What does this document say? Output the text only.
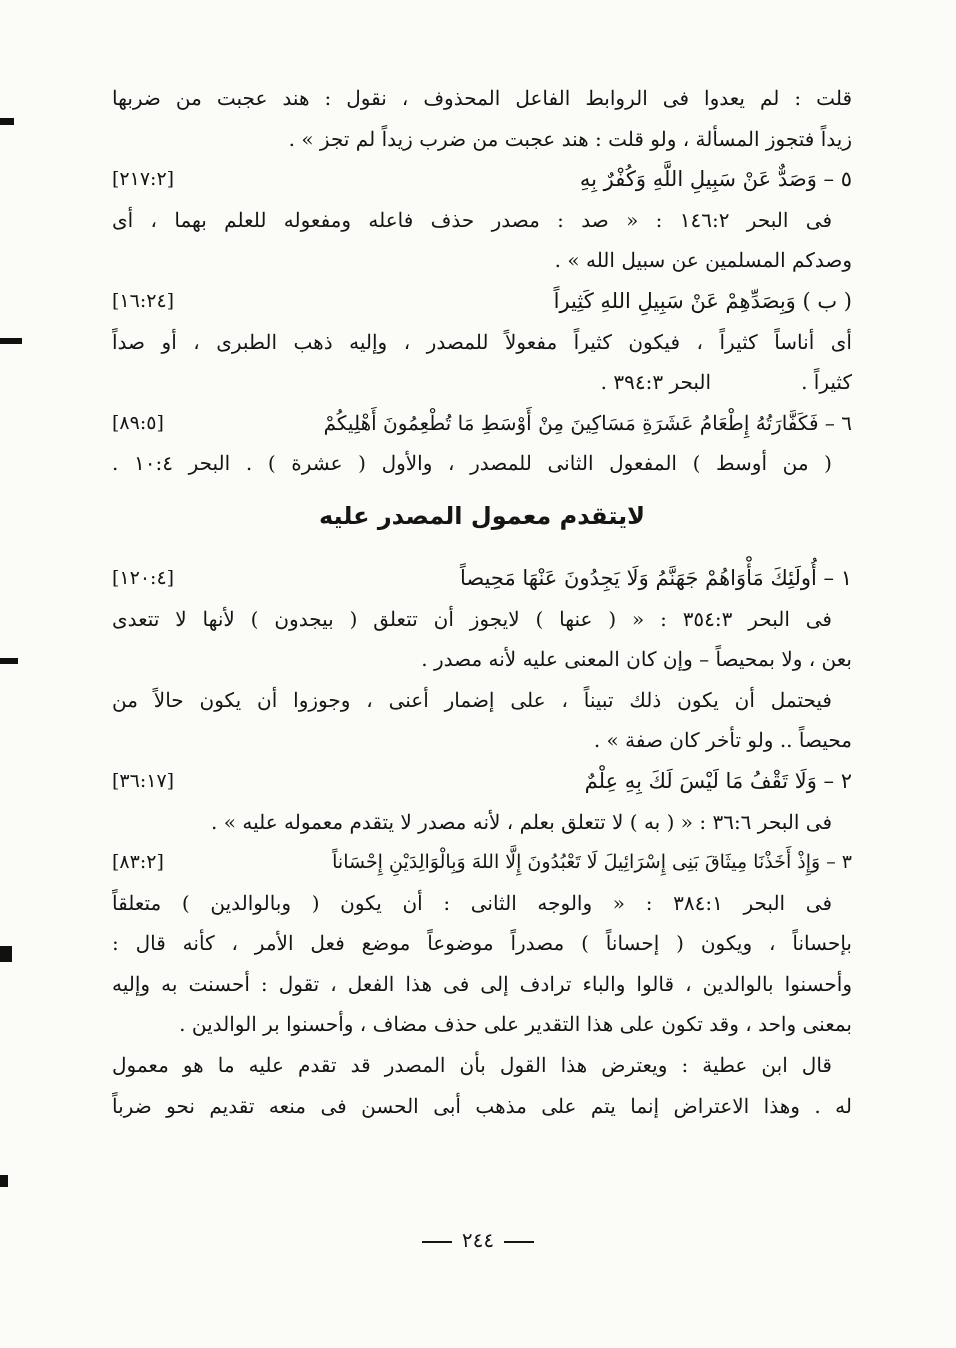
قلت : لم يعدوا فى الروابط الفاعل المحذوف ، نقول : هند عجبت من ضربها
زيداً فتجوز المسألة ، ولو قلت : هند عجبت من ضرب زيداً لم تجز » .
٥ – وَصَدٌّ عَنْ سَبِيلِ اللَّهِ وَكُفْرٌ بِهِ
[٢١٧:٢]
فى البحر ١٤٦:٢ : « صد : مصدر حذف فاعله ومفعوله للعلم بهما ، أى
وصدكم المسلمين عن سبيل الله » .
( ب ) وَبِصَدِّهِمْ عَنْ سَبِيلِ اللهِ كَثِيراً
[١٦:٢٤]
أى أناساً كثيراً ، فيكون كثيراً مفعولاً للمصدر ، وإليه ذهب الطبرى ، أو صداً
كثيراً .
البحر ٣٩٤:٣ .
٦ – فَكَفَّارَتُهُ إِطْعَامُ عَشَرَةِ مَسَاكِينَ مِنْ أَوْسَطِ مَا تُطْعِمُونَ أَهْلِيكُمْ
[٨٩:٥]
( من أوسط ) المفعول الثانى للمصدر ، والأول ( عشرة ) . البحر ١٠:٤ .
لايتقدم معمول المصدر عليه
١ – أُولَئِكَ مَأْوَاهُمْ جَهَنَّمُ وَلَا يَجِدُونَ عَنْهَا مَحِيصاً
[١٢٠:٤]
فى البحر ٣٥٤:٣ : « ( عنها ) لايجوز أن تتعلق ( بيجدون ) لأنها لا تتعدى
بعن ، ولا بمحيصاً – وإن كان المعنى عليه لأنه مصدر .
فيحتمل أن يكون ذلك تبيناً ، على إضمار أعنى ، وجوزوا أن يكون حالاً من
محيصاً .. ولو تأخر كان صفة » .
٢ – وَلَا تَقْفُ مَا لَيْسَ لَكَ بِهِ عِلْمٌ
[٣٦:١٧]
فى البحر ٣٦:٦ : « ( به ) لا تتعلق بعلم ، لأنه مصدر لا يتقدم معموله عليه » .
٣ – وَإِذْ أَخَذْنَا مِيثَاقَ بَنِى إِسْرَائِيلَ لَا تَعْبُدُونَ إِلَّا اللهَ وَبِالْوَالِدَيْنِ إِحْسَاناً
[٨٣:٢]
فى البحر ٣٨٤:١ : « والوجه الثانى : أن يكون ( وبالوالدين ) متعلقاً
بإحساناً ، ويكون ( إحساناً ) مصدراً موضوعاً موضع فعل الأمر ، كأنه قال :
وأحسنوا بالوالدين ، قالوا والباء ترادف إلى فى هذا الفعل ، تقول : أحسنت به وإليه
بمعنى واحد ، وقد تكون على هذا التقدير على حذف مضاف ، وأحسنوا بر الوالدين .
قال ابن عطية : ويعترض هذا القول بأن المصدر قد تقدم عليه ما هو معمول
له . وهذا الاعتراض إنما يتم على مذهب أبى الحسن فى منعه تقديم نحو ضرباً
٢٤٤
